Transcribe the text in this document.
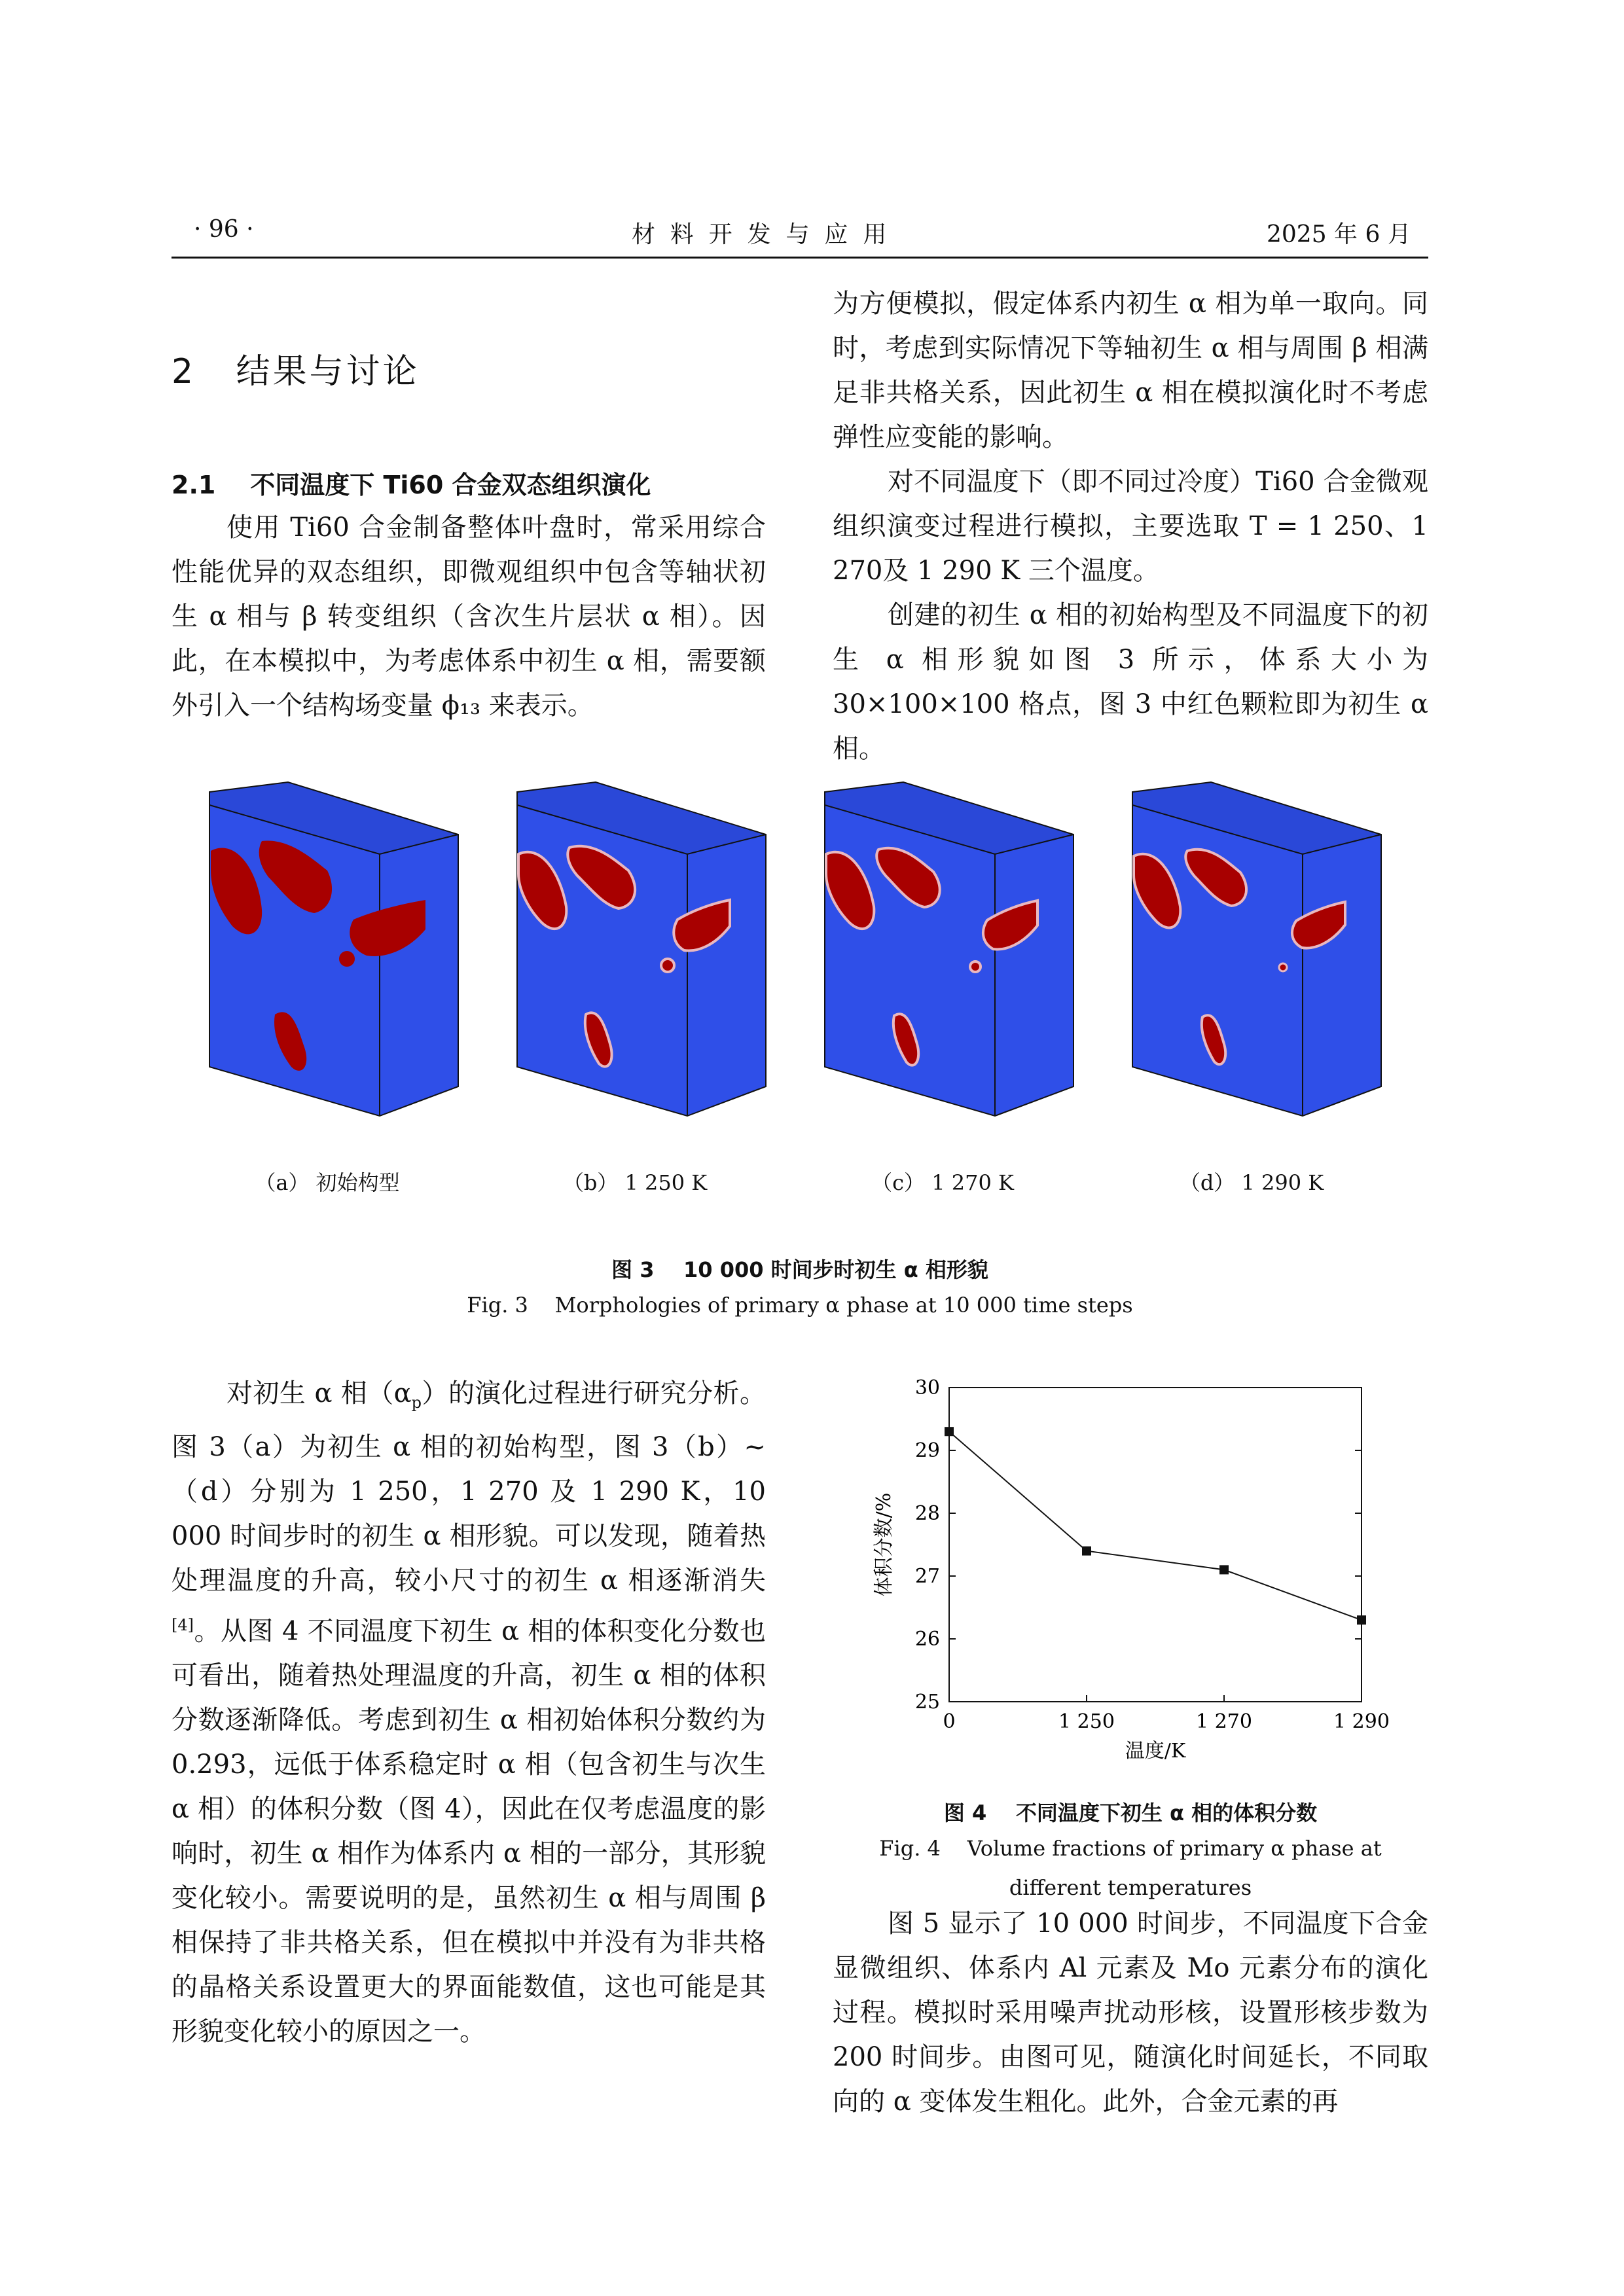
· 96 ·	材  料  开  发  与  应  用	2025 年 6 月
2   结果与讨论
2.1    不同温度下 Ti60 合金双态组织演化

使用 Ti60 合金制备整体叶盘时，常采用综合性能优异的双态组织，即微观组织中包含等轴状初生 α 相与 β 转变组织（含次生片层状 α 相）。因此，在本模拟中，为考虑体系中初生 α 相，需要额外引入一个结构场变量 ϕ₁₃ 来表示。

为方便模拟，假定体系内初生 α 相为单一取向。同时，考虑到实际情况下等轴初生 α 相与周围 β 相满足非共格关系，因此初生 α 相在模拟演化时不考虑弹性应变能的影响。

对不同温度下（即不同过冷度）Ti60 合金微观组织演变过程进行模拟，主要选取 T = 1 250、1 270及 1 290 K 三个温度。

创建的初生 α 相的初始构型及不同温度下的初生 α 相形貌如图 3 所示，体系大小为 30×100×100 格点，图 3 中红色颗粒即为初生 α 相。

（a） 初始构型	（b） 1 250 K	（c） 1 270 K	（d） 1 290 K
图 3    10 000 时间步时初生 α 相形貌
Fig. 3    Morphologies of primary α phase at 10 000 time steps

对初生 α 相$(\alpha_p)$的演化过程进行研究分析。图 3（a）为初生 α 相的初始构型，图 3（b）~（d）分别为 1 250，1 270 及 1 290 K，10 000 时间步时的初生 α 相形貌。可以发现，随着热处理温度的升高，较小尺寸的初生 α 相逐渐消失[4]。从图 4 不同温度下初生 α 相的体积变化分数也可看出，随着热处理温度的升高，初生 α 相的体积分数逐渐降低。考虑到初生 α 相初始体积分数约为 0.293，远低于体系稳定时 α 相（包含初生与次生 α 相）的体积分数（图 4），因此在仅考虑温度的影响时，初生 α 相作为体系内 α 相的一部分，其形貌变化较小。需要说明的是，虽然初生 α 相与周围 β 相保持了非共格关系，但在模拟中并没有为非共格的晶格关系设置更大的界面能数值，这也可能是其形貌变化较小的原因之一。

25
26
27
28
29
30
0	1 250	1 270	1 290
温度/K
体积分数/%
图 4    不同温度下初生 α 相的体积分数
Fig. 4    Volume fractions of primary α phase at
different temperatures

图 5 显示了 10 000 时间步，不同温度下合金显微组织、体系内 Al 元素及 Mo 元素分布的演化过程。模拟时采用噪声扰动形核，设置形核步数为 200 时间步。由图可见，随演化时间延长，不同取向的 α 变体发生粗化。此外，合金元素的再
